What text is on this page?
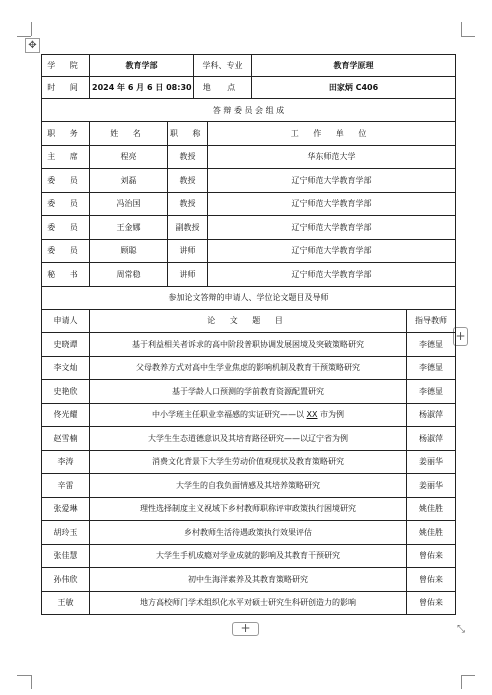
✥
+
+	⤡
学 院	教育学部		学科、专业		教育学原理	
时 间	2024 年 6 月 6 日 08:30		地 点		田家炳 C406	
答 辩 委 员 会 组 成						
职 务	姓 名	职 称		工 作 单 位		
主 席	程亮	教授		华东师范大学		
委 员	刘磊	教授		辽宁师范大学教育学部		
委 员	冯治国	教授		辽宁师范大学教育学部		
委 员	王金娜	副教授		辽宁师范大学教育学部		
委 员	顾聪	讲师		辽宁师范大学教育学部		
秘 书	周常稳	讲师		辽宁师范大学教育学部		
参加论文答辩的申请人、学位论文题目及导师						
申请人	论 文 题 目					指导教师
史晓谭	基于利益相关者诉求的高中阶段普职协调发展困境及突破策略研究					李德显
李文灿	父母教养方式对高中生学业焦虑的影响机制及教育干预策略研究					李德显
史艳欣	基于学龄人口预测的学前教育资源配置研究					李德显
佟光耀	中小学班主任职业幸福感的实证研究——以 XX 市为例					杨淑萍
赵雪楠	大学生生态道德意识及其培育路径研究——以辽宁省为例					杨淑萍
李涛	消费文化背景下大学生劳动价值观现状及教育策略研究					姜丽华
辛雷	大学生的自我负面情感及其培养策略研究					姜丽华
张爱琳	理性选择制度主义视域下乡村教师职称评审政策执行困境研究					姚佳胜
胡玲玉	乡村教师生活待遇政策执行效果评估					姚佳胜
张佳慧	大学生手机成瘾对学业成就的影响及其教育干预研究					曾佑来
孙伟欣	初中生海洋素养及其教育策略研究					曾佑来
王敏	地方高校师门学术组织化水平对硕士研究生科研创造力的影响					曾佑来
